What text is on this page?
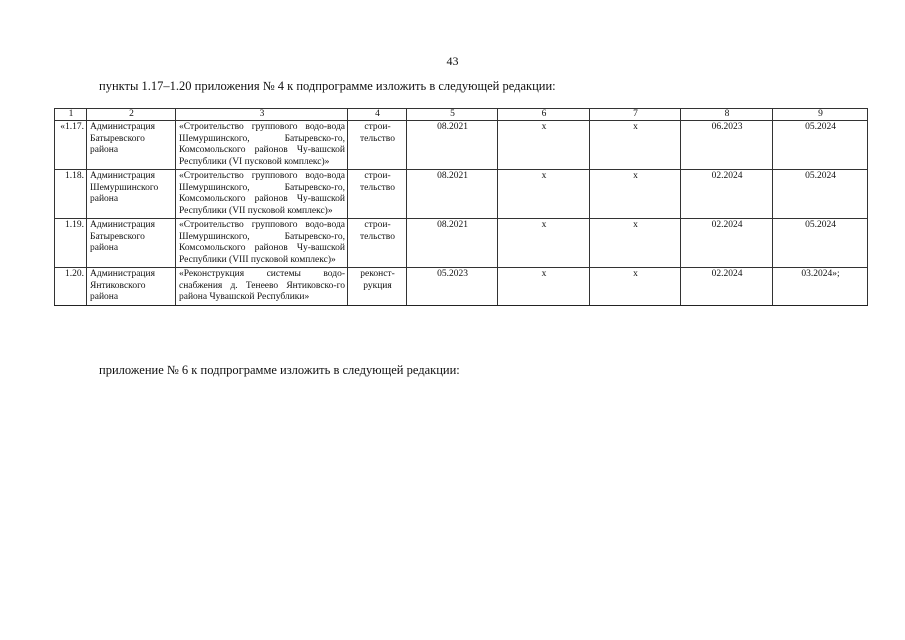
43
пункты 1.17–1.20 приложения № 4 к подпрограмме изложить в следующей редакции:
1	2	3	4	5	6	7	8	9
«1.17.	Администрация Батыревского района	«Строительство группового водо-вода Шемуршинского, Батыревско-го, Комсомольского районов Чу-вашской Республики (VI пусковой комплекс)»	строи-тельство	08.2021	х	х	06.2023	05.2024
1.18.	Администрация Шемуршинского района	«Строительство группового водо-вода Шемуршинского, Батыревско-го, Комсомольского районов Чу-вашской Республики (VII пусковой комплекс)»	строи-тельство	08.2021	х	х	02.2024	05.2024
1.19.	Администрация Батыревского района	«Строительство группового водо-вода Шемуршинского, Батыревско-го, Комсомольского районов Чу-вашской Республики (VIII пусковой комплекс)»	строи-тельство	08.2021	х	х	02.2024	05.2024
1.20.	Администрация Янтиковского района	«Реконструкция системы водо-снабжения д. Тенеево Янтиковско-го района Чувашской Республики»	реконст-рукция	05.2023	х	х	02.2024	03.2024»;
приложение № 6 к подпрограмме изложить в следующей редакции:
